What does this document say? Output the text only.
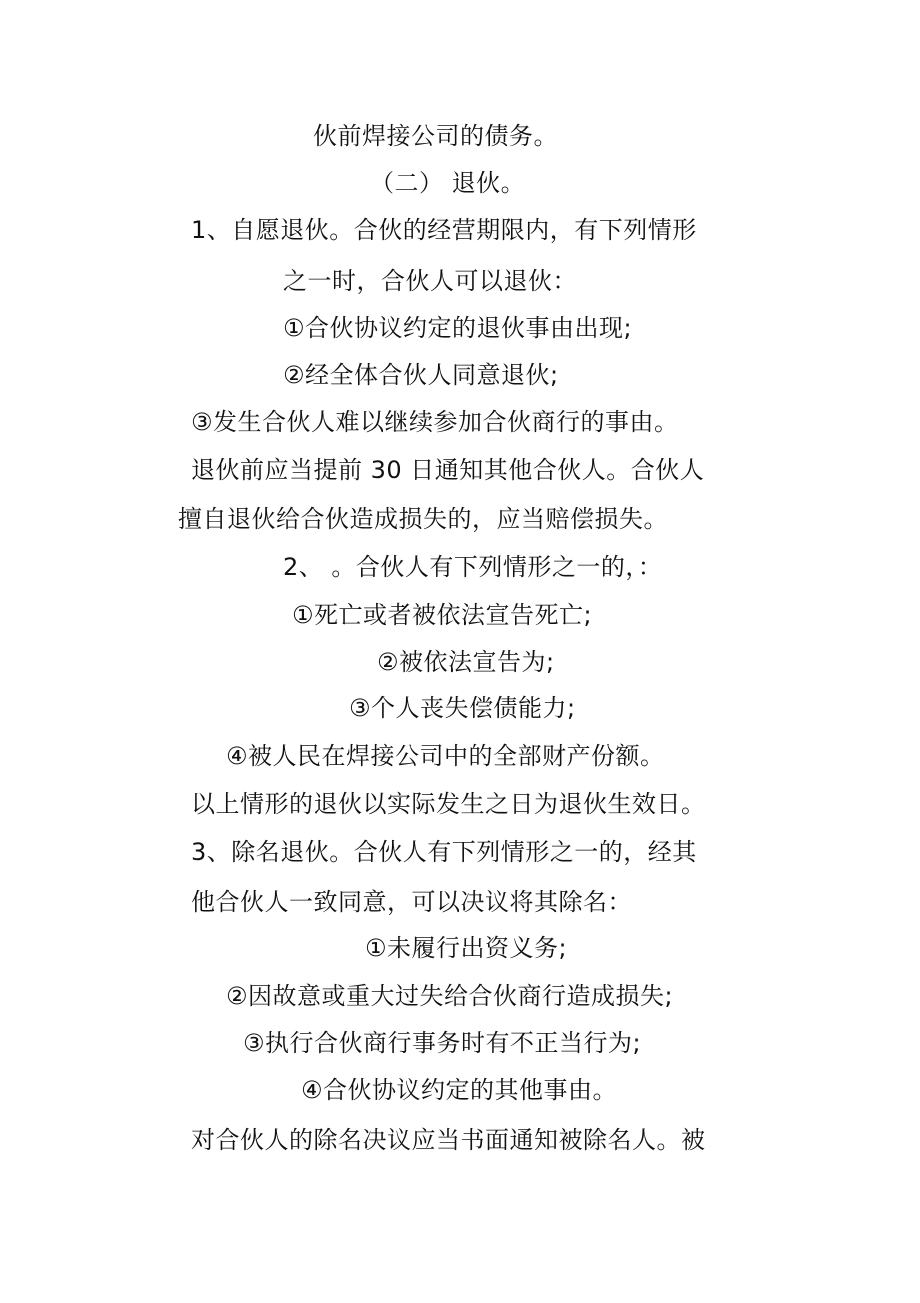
伙前焊接公司的债务。
（二） 退伙。
1、自愿退伙。合伙的经营期限内，有下列情形
之一时，合伙人可以退伙：
①合伙协议约定的退伙事由出现;
②经全体合伙人同意退伙;
③发生合伙人难以继续参加合伙商行的事由。
退伙前应当提前 30 日通知其他合伙人。合伙人
擅自退伙给合伙造成损失的，应当赔偿损失。
2、 。合伙人有下列情形之一的，：
①死亡或者被依法宣告死亡;
②被依法宣告为;
③个人丧失偿债能力;
④被人民在焊接公司中的全部财产份额。
以上情形的退伙以实际发生之日为退伙生效日。
3、除名退伙。合伙人有下列情形之一的，经其
他合伙人一致同意，可以决议将其除名：
①未履行出资义务;
②因故意或重大过失给合伙商行造成损失;
③执行合伙商行事务时有不正当行为;
④合伙协议约定的其他事由。
对合伙人的除名决议应当书面通知被除名人。被
